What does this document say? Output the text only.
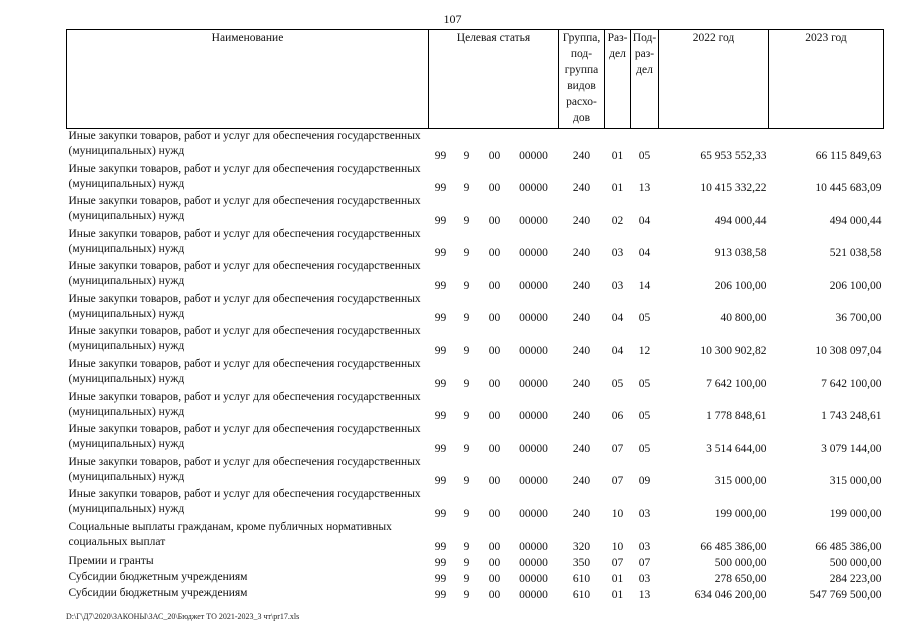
107
Наименование	Целевая статья				Группа, под-группа видов расхо-дов	Раз-дел	Под-раз-дел	2022 год	2023 год
Иные закупки товаров, работ и услуг для обеспечения государственных (муниципальных) нужд	99	9	00	00000	240	01	05	65 953 552,33	66 115 849,63
Иные закупки товаров, работ и услуг для обеспечения государственных (муниципальных) нужд	99	9	00	00000	240	01	13	10 415 332,22	10 445 683,09
Иные закупки товаров, работ и услуг для обеспечения государственных (муниципальных) нужд	99	9	00	00000	240	02	04	494 000,44	494 000,44
Иные закупки товаров, работ и услуг для обеспечения государственных (муниципальных) нужд	99	9	00	00000	240	03	04	913 038,58	521 038,58
Иные закупки товаров, работ и услуг для обеспечения государственных (муниципальных) нужд	99	9	00	00000	240	03	14	206 100,00	206 100,00
Иные закупки товаров, работ и услуг для обеспечения государственных (муниципальных) нужд	99	9	00	00000	240	04	05	40 800,00	36 700,00
Иные закупки товаров, работ и услуг для обеспечения государственных (муниципальных) нужд	99	9	00	00000	240	04	12	10 300 902,82	10 308 097,04
Иные закупки товаров, работ и услуг для обеспечения государственных (муниципальных) нужд	99	9	00	00000	240	05	05	7 642 100,00	7 642 100,00
Иные закупки товаров, работ и услуг для обеспечения государственных (муниципальных) нужд	99	9	00	00000	240	06	05	1 778 848,61	1 743 248,61
Иные закупки товаров, работ и услуг для обеспечения государственных (муниципальных) нужд	99	9	00	00000	240	07	05	3 514 644,00	3 079 144,00
Иные закупки товаров, работ и услуг для обеспечения государственных (муниципальных) нужд	99	9	00	00000	240	07	09	315 000,00	315 000,00
Иные закупки товаров, работ и услуг для обеспечения государственных (муниципальных) нужд	99	9	00	00000	240	10	03	199 000,00	199 000,00
Социальные выплаты гражданам, кроме публичных нормативных социальных выплат	99	9	00	00000	320	10	03	66 485 386,00	66 485 386,00
Премии и гранты	99	9	00	00000	350	07	07	500 000,00	500 000,00
Субсидии бюджетным учреждениям	99	9	00	00000	610	01	03	278 650,00	284 223,00
Субсидии бюджетным учреждениям	99	9	00	00000	610	01	13	634 046 200,00	547 769 500,00
D:\Г\Д7\2020\ЗАКОНЫ\ЗАС_20\Бюджет ТО 2021-2023_3 чт\pr17.xls
